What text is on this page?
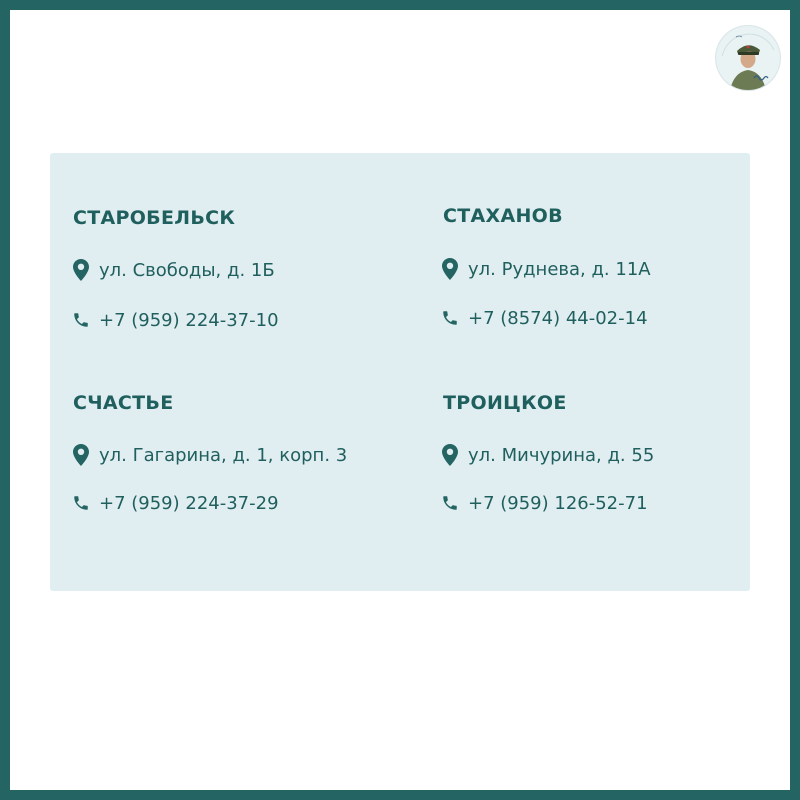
СТАРОБЕЛЬСК
ул. Свободы, д. 1Б
+7 (959) 224-37-10
СТАХАНОВ
ул. Руднева, д. 11А
+7 (8574) 44-02-14
СЧАСТЬЕ
ул. Гагарина, д. 1, корп. 3
+7 (959) 224-37-29
ТРОИЦКОЕ
ул. Мичурина, д. 55
+7 (959) 126-52-71
